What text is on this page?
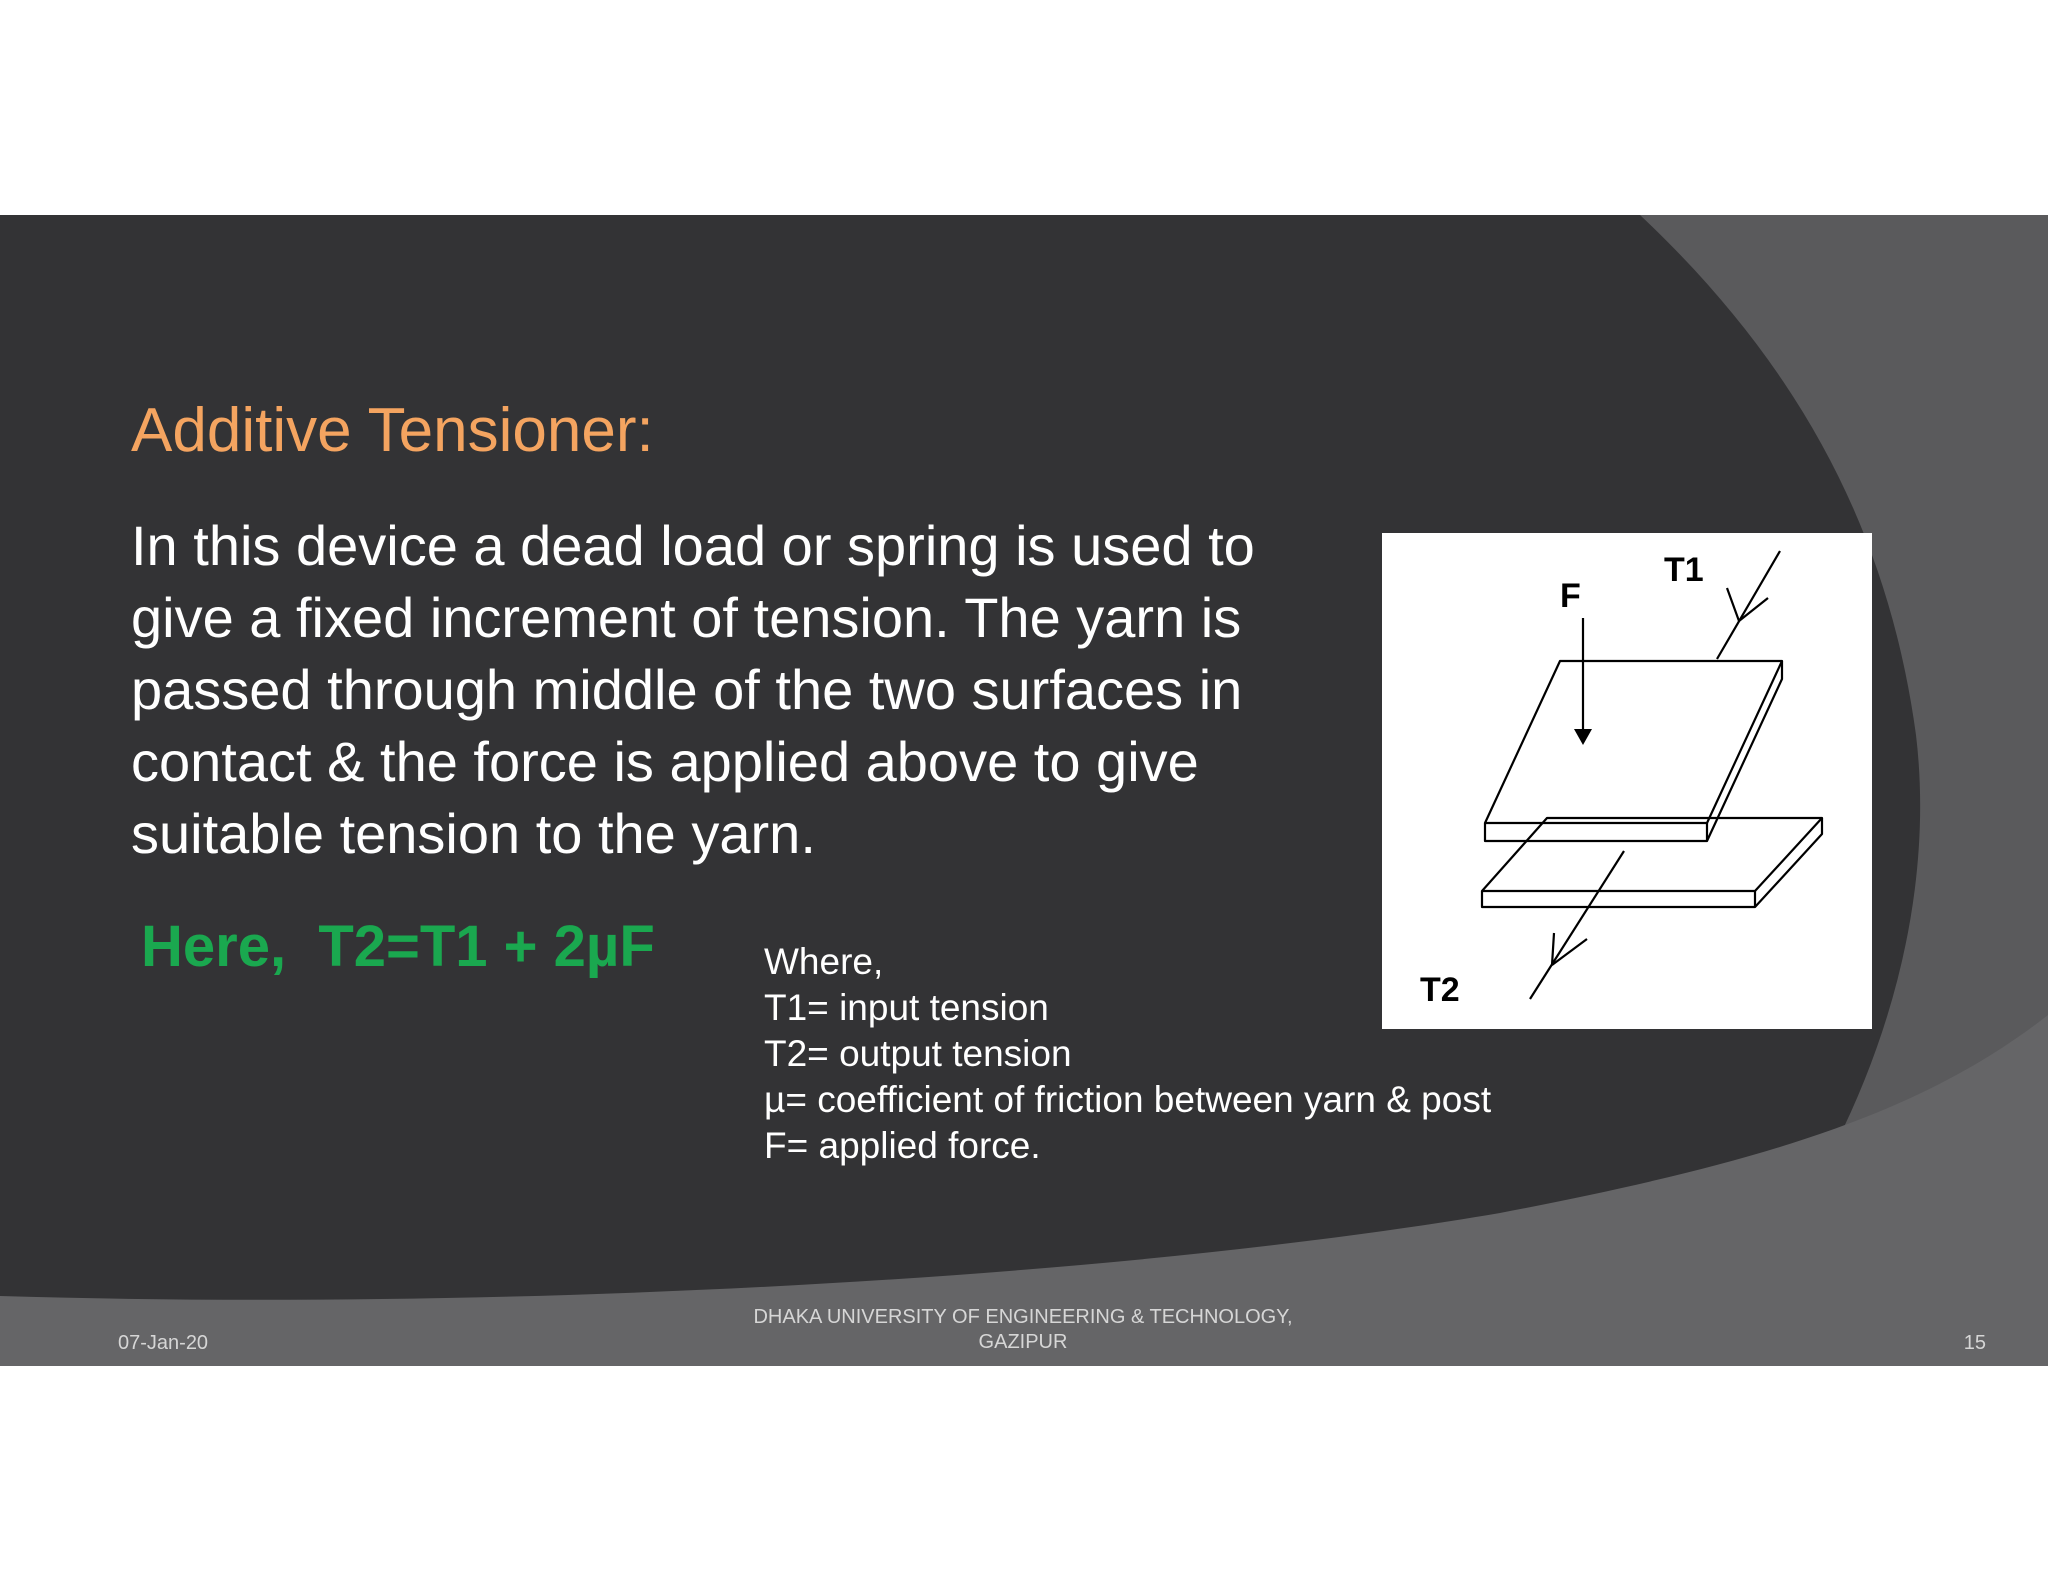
Additive Tensioner:

In this device a dead load or spring is used to give a fixed increment of tension. The yarn is passed through middle of the two surfaces in contact & the force is applied above to give suitable tension to the yarn.

Here,  T2=T1 + 2µF	Where,
T1= input tension
T2= output tension
µ= coefficient of friction between yarn & post
F= applied force.
F
T1
T2
07-Jan-20
DHAKA UNIVERSITY OF ENGINEERING & TECHNOLOGY,
GAZIPUR	15
